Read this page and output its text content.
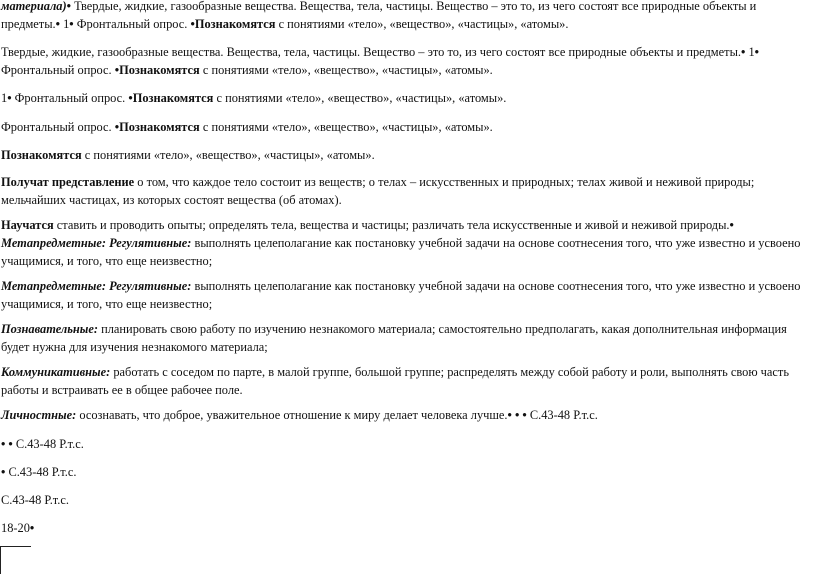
материала)• Твердые, жидкие, газообразные вещества. Вещества, тела, частицы. Вещество – это то, из чего состоят все природные объекты и предметы.• 1• Фронтальный опрос. •Познакомятся с понятиями «тело», «вещество», «частицы», «атомы».

Твердые, жидкие, газообразные вещества. Вещества, тела, частицы. Вещество – это то, из чего состоят все природные объекты и предметы.• 1• Фронтальный опрос. •Познакомятся с понятиями «тело», «вещество», «частицы», «атомы».

1• Фронтальный опрос. •Познакомятся с понятиями «тело», «вещество», «частицы», «атомы».

Фронтальный опрос. •Познакомятся с понятиями «тело», «вещество», «частицы», «атомы».

Познакомятся с понятиями «тело», «вещество», «частицы», «атомы».

Получат представление о том, что каждое тело состоит из веществ; о телах – искусственных и природных; телах живой и неживой природы; мельчайших частицах, из которых состоят вещества (об атомах).

Научатся ставить и проводить опыты; определять тела, вещества и частицы; различать тела искусственные и живой и неживой природы.• Метапредметные: Регулятивные: выполнять целеполагание как постановку учебной задачи на основе соотнесения того, что уже известно и усвоено учащимися, и того, что еще неизвестно;

Метапредметные: Регулятивные: выполнять целеполагание как постановку учебной задачи на основе соотнесения того, что уже известно и усвоено учащимися, и того, что еще неизвестно;

Познавательные: планировать свою работу по изучению незнакомого материала; самостоятельно предполагать, какая дополнительная информация будет нужна для изучения незнакомого материала;

Коммуникативные: работать с соседом по парте, в малой группе, большой группе; распределять между собой работу и роли, выполнять свою часть работы и встраивать ее в общее рабочее поле.

Личностные: осознавать, что доброе, уважительное отношение к миру делает человека лучше.• • • С.43-48 Р.т.с.

• • С.43-48 Р.т.с.

• С.43-48 Р.т.с.

С.43-48 Р.т.с.

18-20•
